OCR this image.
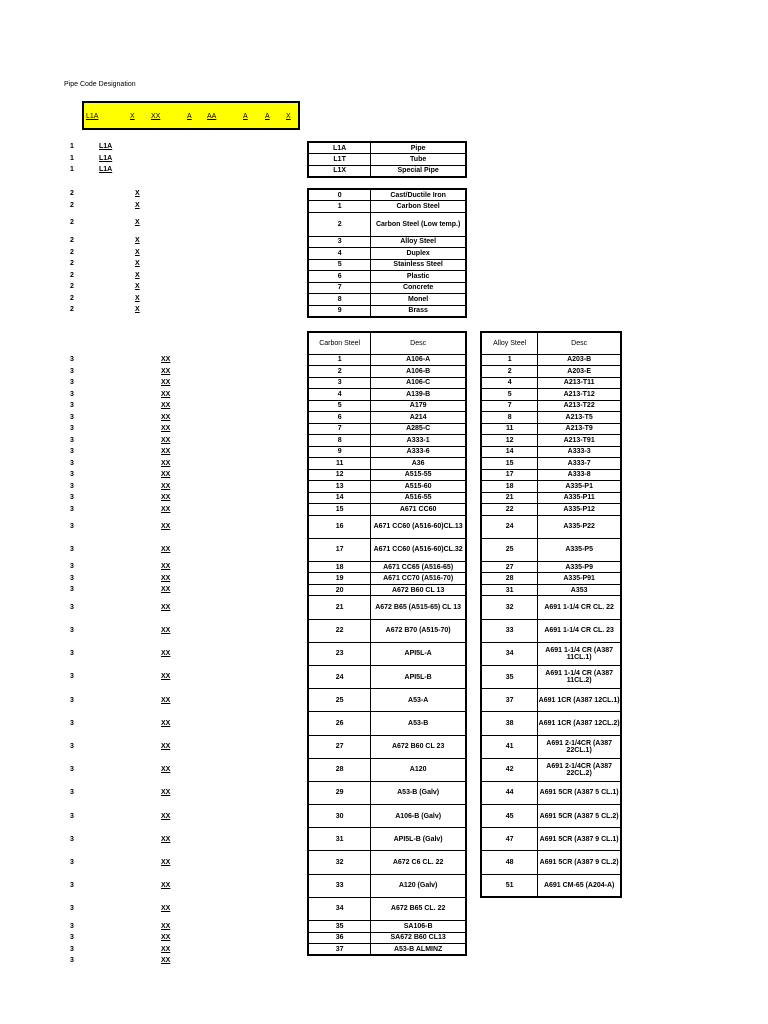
Pipe Code Designation
L1A	X XX	A AA	A A X
1	L1A
1	L1A
1	L1A
2	X
2	X
2	X
2	X
2	X
2	X
2	X
2	X
2	X
2	X
3	XX
3	XX
3	XX
3	XX
3	XX
3	XX
3	XX
3	XX
3	XX
3	XX
3	XX
3	XX
3	XX
3	XX
3	XX
3	XX
3	XX
3	XX
3	XX
3	XX
3	XX
3	XX
3	XX
3	XX
3	XX
3	XX
3	XX
3	XX
3	XX
3	XX
3	XX
3	XX
3	XX
3	XX
3	XX
3	XX
3	XX
L1A	Pipe
L1T	Tube
L1X	Special Pipe
0	Cast/Ductile Iron
1	Carbon Steel
2	Carbon Steel (Low temp.)
3	Alloy Steel
4	Duplex
5	Stainless Steel
6	Plastic
7	Concrete
8	Monel
9	Brass
Carbon Steel	Desc
1	A106-A
2	A106-B
3	A106-C
4	A139-B
5	A179
6	A214
7	A285-C
8	A333-1
9	A333-6
11	A36
12	A515-55
13	A515-60
14	A516-55
15	A671 CC60
16	A671 CC60 (A516-60)CL.13
17	A671 CC60 (A516-60)CL.32
18	A671 CC65 (A516-65)
19	A671 CC70 (A516-70)
20	A672 B60 CL 13
21	A672 B65 (A515-65) CL 13
22	A672 B70 (A515-70)
23	API5L-A
24	API5L-B
25	A53-A
26	A53-B
27	A672 B60 CL 23
28	A120
29	A53-B (Galv)
30	A106-B (Galv)
31	API5L-B (Galv)
32	A672 C6 CL. 22
33	A120 (Galv)
34	A672 B65 CL. 22
35	SA106-B
36	SA672 B60 CL13
37	A53-B ALMINZ
Alloy Steel	Desc
1	A203-B
2	A203-E
4	A213-T11
5	A213-T12
7	A213-T22
8	A213-T5
11	A213-T9
12	A213-T91
14	A333-3
15	A333-7
17	A333-8
18	A335-P1
21	A335-P11
22	A335-P12
24	A335-P22
25	A335-P5
27	A335-P9
28	A335-P91
31	A353
32	A691 1-1/4 CR CL. 22
33	A691 1-1/4 CR CL. 23
34	A691 1-1/4 CR (A387 11CL.1)
35	A691 1-1/4 CR (A387 11CL.2)
37	A691 1CR (A387 12CL.1)
38	A691 1CR (A387 12CL.2)
41	A691 2-1/4CR (A387 22CL.1)
42	A691 2-1/4CR (A387 22CL.2)
44	A691 5CR (A387 5 CL.1)
45	A691 5CR (A387 5 CL.2)
47	A691 5CR (A387 9 CL.1)
48	A691 5CR (A387 9 CL.2)
51	A691 CM-65 (A204-A)
